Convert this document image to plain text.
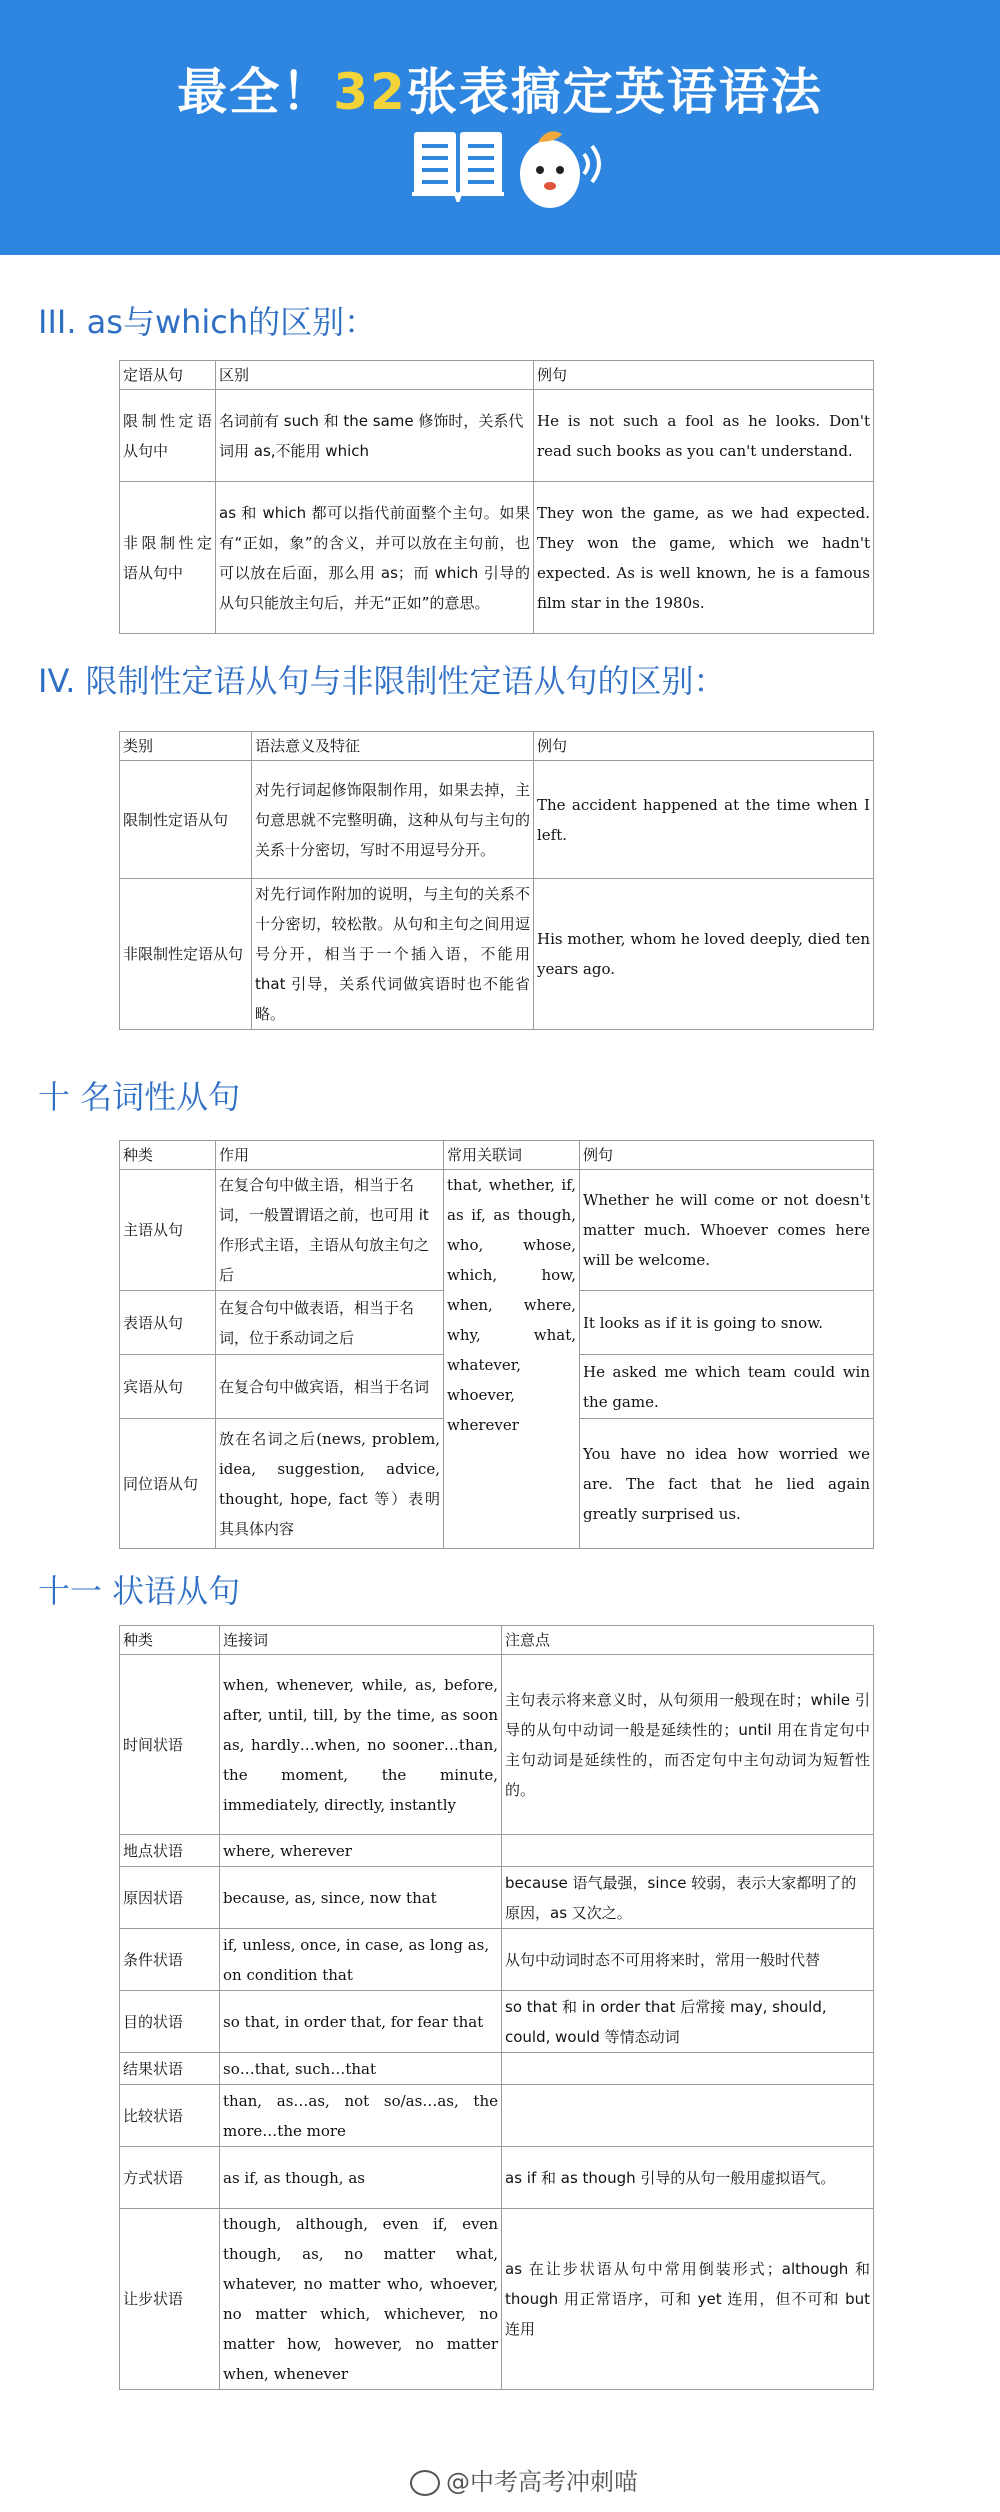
最全！32张表搞定英语语法
III. as与which的区别：
定语从句	区别	例句
限制性定语从句中	名词前有 such 和 the same 修饰时，关系代词用 as,不能用 which	He is not such a fool as he looks. Don't read such books as you can't understand.
非限制性定语从句中	as 和 which 都可以指代前面整个主句。如果有“正如，象”的含义，并可以放在主句前，也可以放在后面，那么用 as；而 which 引导的从句只能放主句后，并无“正如”的意思。	They won the game, as we had expected. They won the game, which we hadn't expected. As is well known, he is a famous film star in the 1980s.
IV. 限制性定语从句与非限制性定语从句的区别：
类别	语法意义及特征	例句
限制性定语从句	对先行词起修饰限制作用，如果去掉，主句意思就不完整明确，这种从句与主句的关系十分密切，写时不用逗号分开。	The accident happened at the time when I left.
非限制性定语从句	对先行词作附加的说明，与主句的关系不十分密切，较松散。从句和主句之间用逗号分开，相当于一个插入语，不能用 that 引导，关系代词做宾语时也不能省略。	His mother, whom he loved deeply, died ten years ago.
十 名词性从句
种类	作用	常用关联词	例句
主语从句	在复合句中做主语，相当于名词，一般置谓语之前，也可用 it 作形式主语，主语从句放主句之后	that, whether, if, as if, as though, who, whose, which, how, when, where, why, what, whatever, whoever, wherever	Whether he will come or not doesn't matter much. Whoever comes here will be welcome.
表语从句	在复合句中做表语，相当于名词，位于系动词之后		It looks as if it is going to snow.
宾语从句	在复合句中做宾语，相当于名词		He asked me which team could win the game.
同位语从句	放在名词之后(news, problem, idea, suggestion, advice, thought, hope, fact 等）表明其具体内容		You have no idea how worried we are. The fact that he lied again greatly surprised us.
十一 状语从句
种类	连接词	注意点
时间状语	when, whenever, while, as, before, after, until, till, by the time, as soon as, hardly…when, no sooner…than, the moment, the minute, immediately, directly, instantly	主句表示将来意义时，从句须用一般现在时；while 引导的从句中动词一般是延续性的；until 用在肯定句中主句动词是延续性的，而否定句中主句动词为短暂性的。
地点状语	where, wherever	
原因状语	because, as, since, now that	because 语气最强，since 较弱，表示大家都明了的原因，as 又次之。
条件状语	if, unless, once, in case, as long as, on condition that	从句中动词时态不可用将来时，常用一般时代替
目的状语	so that, in order that, for fear that	so that 和 in order that 后常接 may, should, could, would 等情态动词
结果状语	so…that, such…that	
比较状语	than, as…as, not so/as…as, the more…the more	
方式状语	as if, as though, as	as if 和 as though 引导的从句一般用虚拟语气。
让步状语	though, although, even if, even though, as, no matter what, whatever, no matter who, whoever, no matter which, whichever, no matter how, however, no matter when, whenever	as 在让步状语从句中常用倒装形式；although 和 though 用正常语序，可和 yet 连用，但不可和 but 连用
@中考高考冲刺喵
